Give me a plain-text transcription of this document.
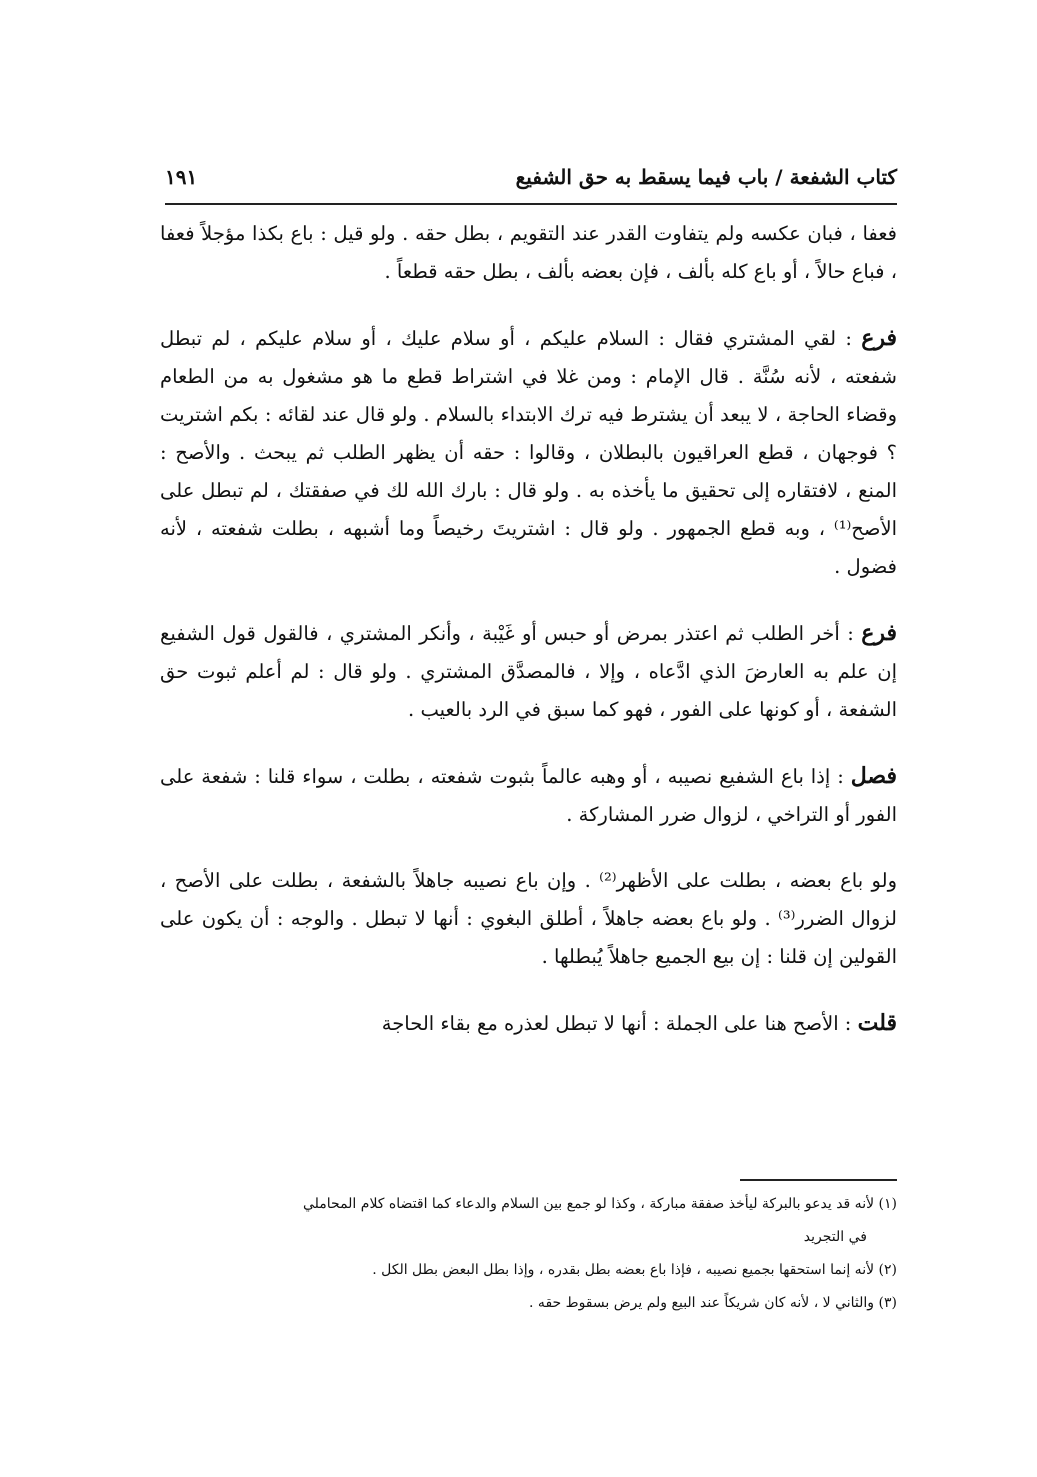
كتاب الشفعة / باب فيما يسقط به حق الشفيع
١٩١

فعفا ، فبان عكسه ولم يتفاوت القدر عند التقويم ، بطل حقه . ولو قيل : باع بكذا مؤجلاً فعفا ، فباع حالاً ، أو باع كله بألف ، فإن بعضه بألف ، بطل حقه قطعاً .

فرع : لقي المشتري فقال : السلام عليكم ، أو سلام عليك ، أو سلام عليكم ، لم تبطل شفعته ، لأنه سُنَّة . قال الإمام : ومن غلا في اشتراط قطع ما هو مشغول به من الطعام وقضاء الحاجة ، لا يبعد أن يشترط فيه ترك الابتداء بالسلام . ولو قال عند لقائه : بكم اشتريت ؟ فوجهان ، قطع العراقيون بالبطلان ، وقالوا : حقه أن يظهر الطلب ثم يبحث . والأصح : المنع ، لافتقاره إلى تحقيق ما يأخذه به . ولو قال : بارك الله لك في صفقتك ، لم تبطل على الأصح⁽¹⁾ ، وبه قطع الجمهور . ولو قال : اشتريتَ رخيصاً وما أشبهه ، بطلت شفعته ، لأنه فضول .

فرع : أخر الطلب ثم اعتذر بمرض أو حبس أو غَيْبة ، وأنكر المشتري ، فالقول قول الشفيع إن علم به العارضَ الذي ادَّعاه ، وإلا ، فالمصدَّق المشتري . ولو قال : لم أعلم ثبوت حق الشفعة ، أو كونها على الفور ، فهو كما سبق في الرد بالعيب .

فصل : إذا باع الشفيع نصيبه ، أو وهبه عالماً بثبوت شفعته ، بطلت ، سواء قلنا : شفعة على الفور أو التراخي ، لزوال ضرر المشاركة .

ولو باع بعضه ، بطلت على الأظهر⁽²⁾ . وإن باع نصيبه جاهلاً بالشفعة ، بطلت على الأصح ، لزوال الضرر⁽³⁾ . ولو باع بعضه جاهلاً ، أطلق البغوي : أنها لا تبطل . والوجه : أن يكون على القولين إن قلنا : إن بيع الجميع جاهلاً يُبطلها .

قلت : الأصح هنا على الجملة : أنها لا تبطل لعذره مع بقاء الحاجة

(١) لأنه قد يدعو بالبركة ليأخذ صفقة مباركة ، وكذا لو جمع بين السلام والدعاء كما اقتضاه كلام المحاملي

في التجريد

(٢) لأنه إنما استحقها بجميع نصيبه ، فإذا باع بعضه بطل بقدره ، وإذا بطل البعض بطل الكل .

(٣) والثاني لا ، لأنه كان شريكاً عند البيع ولم يرض بسقوط حقه .
